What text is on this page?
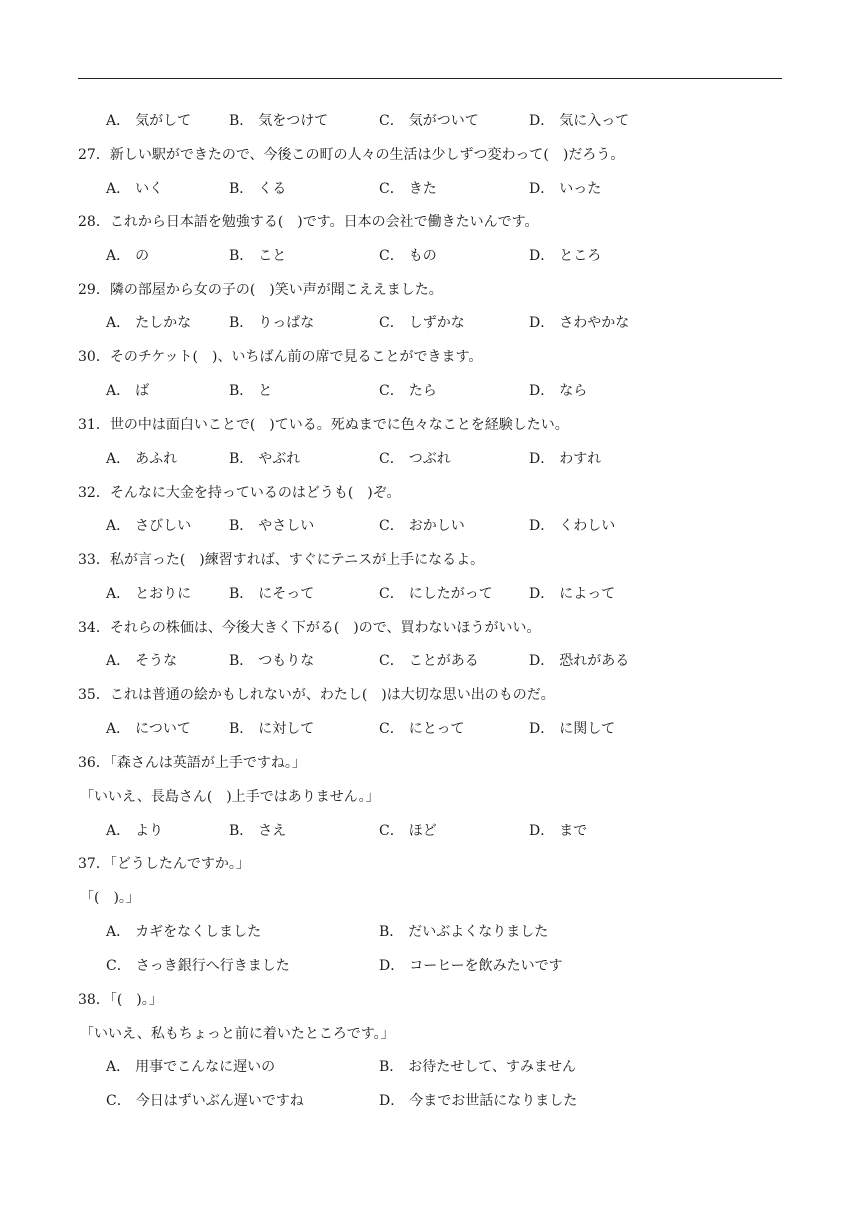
A． 気がして	B． 気をつけて	C． 気がついて	D． 気に入って
27．新しい駅ができたので、今後この町の人々の生活は少しずつ変わって(　)だろう。
A． いく	B． くる	C． きた	D． いった
28．これから日本語を勉強する(　)です。日本の会社で働きたいんです。
A． の	B． こと	C． もの	D． ところ
29．隣の部屋から女の子の(　)笑い声が聞こええました。
A． たしかな	B． りっぱな	C． しずかな	D． さわやかな
30．そのチケット(　)、いちばん前の席で見ることができます。
A． ば	B． と	C． たら	D． なら
31．世の中は面白いことで(　)ている。死ぬまでに色々なことを経験したい。
A． あふれ	B． やぶれ	C． つぶれ	D． わすれ
32．そんなに大金を持っているのはどうも(　)ぞ。
A． さびしい	B． やさしい	C． おかしい	D． くわしい
33．私が言った(　)練習すれば、すぐにテニスが上手になるよ。
A． とおりに	B． にそって	C． にしたがって	D． によって
34．それらの株価は、今後大きく下がる(　)ので、買わないほうがいい。
A． そうな	B． つもりな	C． ことがある	D． 恐れがある
35．これは普通の絵かもしれないが、わたし(　)は大切な思い出のものだ。
A． について	B． に対して	C． にとって	D． に関して
36．「森さんは英語が上手ですね。」
「いいえ、長島さん(　)上手ではありません。」
A． より	B． さえ	C． ほど	D． まで
37．「どうしたんですか。」
「(　)。」
A． カギをなくしました	B． だいぶよくなりました
C． さっき銀行へ行きました	D． コーヒーを飲みたいです
38．「(　)。」
「いいえ、私もちょっと前に着いたところです。」
A． 用事でこんなに遅いの	B． お待たせして、すみません
C． 今日はずいぶん遅いですね	D． 今までお世話になりました
